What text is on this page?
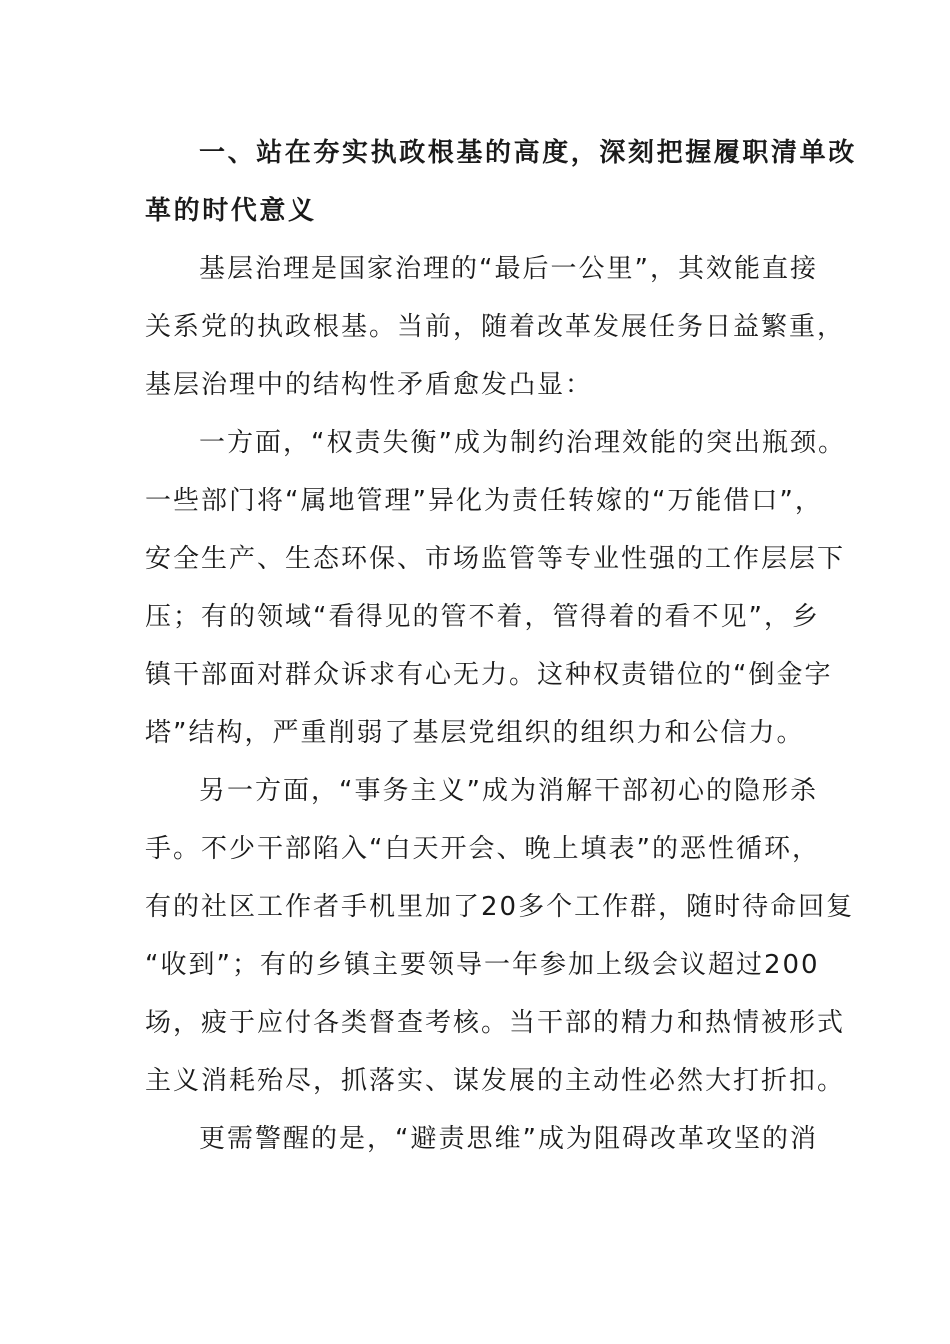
一、站在夯实执政根基的高度，深刻把握履职清单改
革的时代意义
基层治理是国家治理的“最后一公里”，其效能直接
关系党的执政根基。当前，随着改革发展任务日益繁重，
基层治理中的结构性矛盾愈发凸显：
一方面，“权责失衡”成为制约治理效能的突出瓶颈。
一些部门将“属地管理”异化为责任转嫁的“万能借口”，
安全生产、生态环保、市场监管等专业性强的工作层层下
压；有的领域“看得见的管不着，管得着的看不见”，乡
镇干部面对群众诉求有心无力。这种权责错位的“倒金字
塔”结构，严重削弱了基层党组织的组织力和公信力。
另一方面，“事务主义”成为消解干部初心的隐形杀
手。不少干部陷入“白天开会、晚上填表”的恶性循环，
有的社区工作者手机里加了20多个工作群，随时待命回复
“收到”；有的乡镇主要领导一年参加上级会议超过200
场，疲于应付各类督查考核。当干部的精力和热情被形式
主义消耗殆尽，抓落实、谋发展的主动性必然大打折扣。
更需警醒的是，“避责思维”成为阻碍改革攻坚的消
